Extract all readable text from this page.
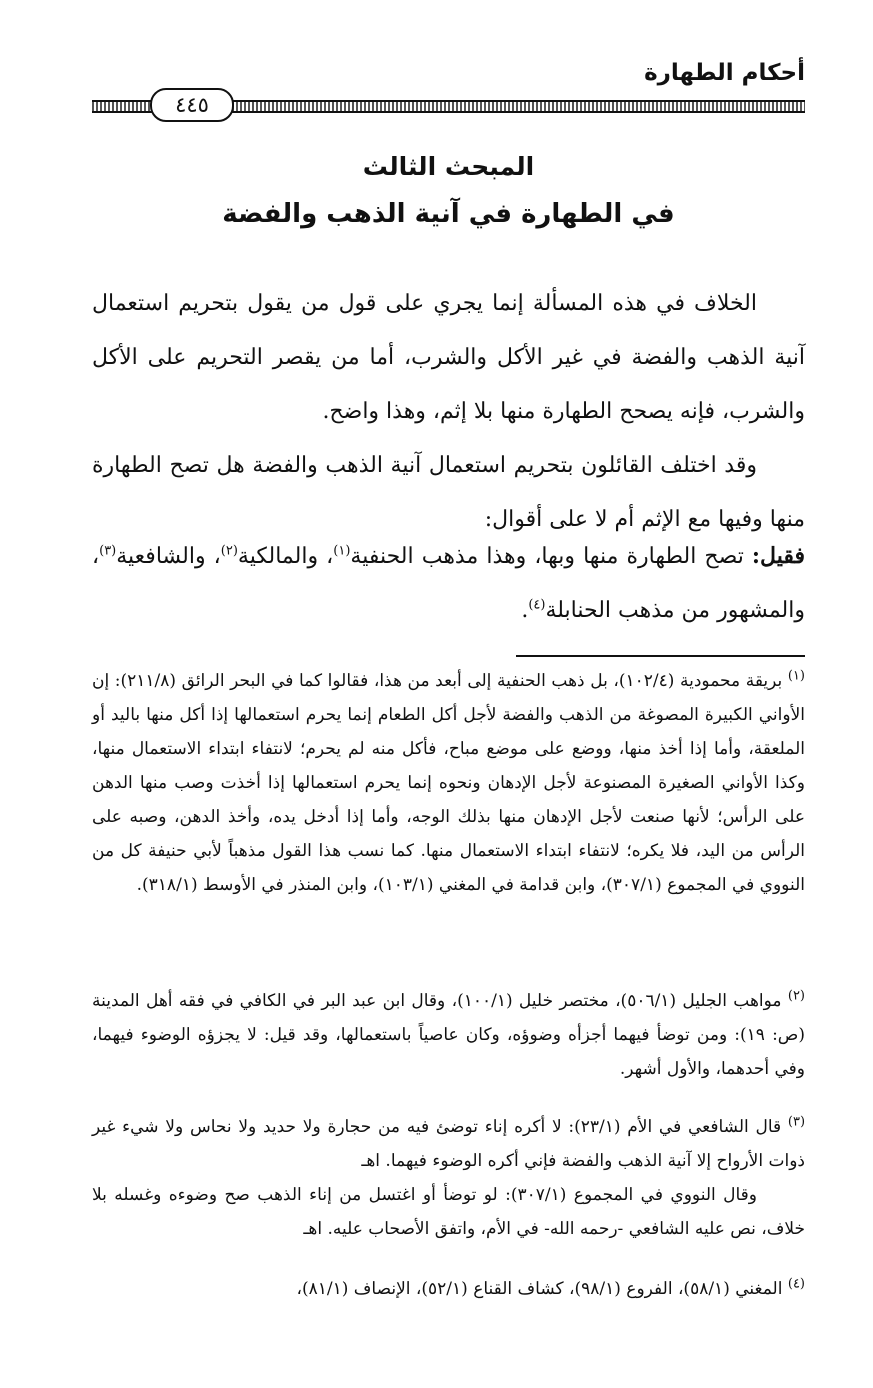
أحكام الطهارة
٤٤٥
المبحث الثالث
في الطهارة في آنية الذهب والفضة

الخلاف في هذه المسألة إنما يجري على قول من يقول بتحريم استعمال آنية الذهب والفضة في غير الأكل والشرب، أما من يقصر التحريم على الأكل والشرب، فإنه يصحح الطهارة منها بلا إثم، وهذا واضح.

وقد اختلف القائلون بتحريم استعمال آنية الذهب والفضة هل تصح الطهارة منها وفيها مع الإثم أم لا على أقوال:

فقيل: تصح الطهارة منها وبها، وهذا مذهب الحنفية$^{(١)}$، والمالكية$^{(٢)}$، والشافعية$^{(٣)}$، والمشهور من مذهب الحنابلة$^{(٤)}$.

$^{(١)}$ بريقة محمودية (١٠٢/٤)، بل ذهب الحنفية إلى أبعد من هذا، فقالوا كما في البحر الرائق (٢١١/٨): إن الأواني الكبيرة المصوغة من الذهب والفضة لأجل أكل الطعام إنما يحرم استعمالها إذا أكل منها باليد أو الملعقة، وأما إذا أخذ منها، ووضع على موضع مباح، فأكل منه لم يحرم؛ لانتفاء ابتداء الاستعمال منها، وكذا الأواني الصغيرة المصنوعة لأجل الإدهان ونحوه إنما يحرم استعمالها إذا أخذت وصب منها الدهن على الرأس؛ لأنها صنعت لأجل الإدهان منها بذلك الوجه، وأما إذا أدخل يده، وأخذ الدهن، وصبه على الرأس من اليد، فلا يكره؛ لانتفاء ابتداء الاستعمال منها. كما نسب هذا القول مذهباً لأبي حنيفة كل من النووي في المجموع (٣٠٧/١)، وابن قدامة في المغني (١٠٣/١)، وابن المنذر في الأوسط (٣١٨/١).

$^{(٢)}$ مواهب الجليل (٥٠٦/١)، مختصر خليل (١٠٠/١)، وقال ابن عبد البر في الكافي في فقه أهل المدينة (ص: ١٩): ومن توضأ فيهما أجزأه وضوؤه، وكان عاصياً باستعمالها، وقد قيل: لا يجزؤه الوضوء فيهما، وفي أحدهما، والأول أشهر.

$^{(٣)}$ قال الشافعي في الأم (٢٣/١): لا أكره إناء توضئ فيه من حجارة ولا حديد ولا نحاس ولا شيء غير ذوات الأرواح إلا آنية الذهب والفضة فإني أكره الوضوء فيهما. اهـ

وقال النووي في المجموع (٣٠٧/١): لو توضأ أو اغتسل من إناء الذهب صح وضوءه وغسله بلا خلاف، نص عليه الشافعي -رحمه الله- في الأم، واتفق الأصحاب عليه. اهـ

$^{(٤)}$ المغني (٥٨/١)، الفروع (٩٨/١)، كشاف القناع (٥٢/١)، الإنصاف (٨١/١)،
